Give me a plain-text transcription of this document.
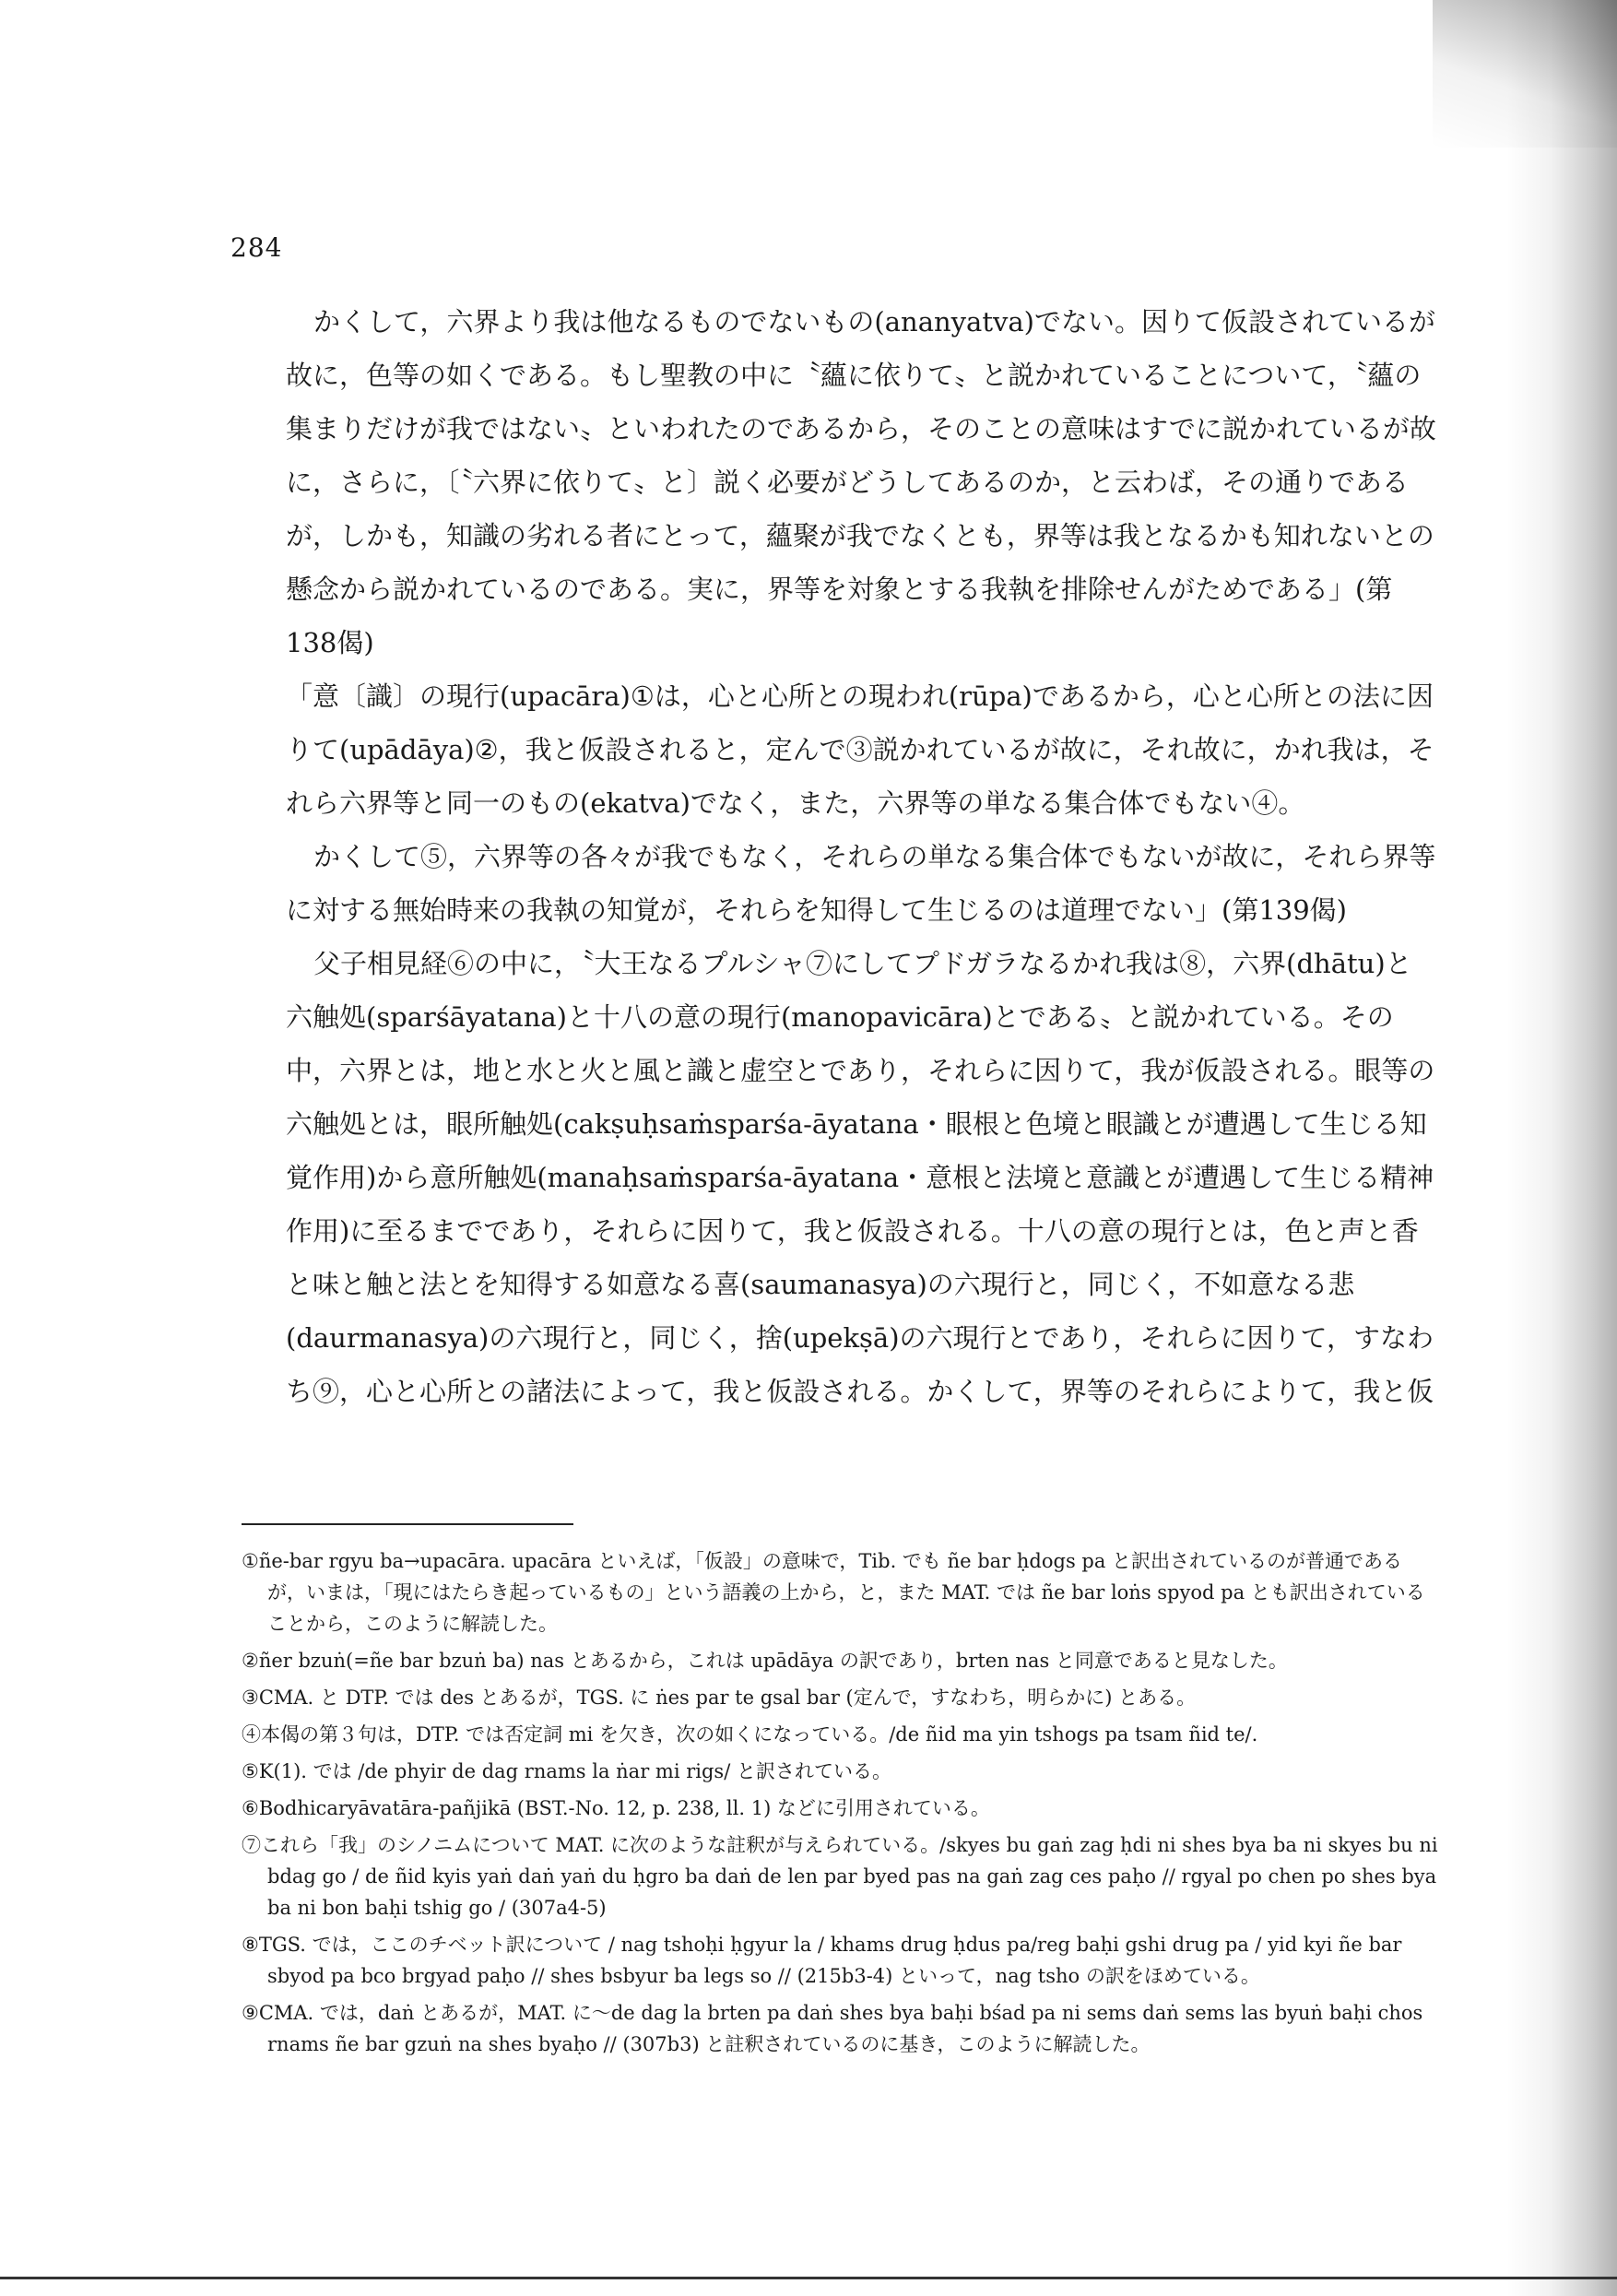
284

かくして，六界より我は他なるものでないもの(ananyatva)でない。因りて仮設されているが故に，色等の如くである。もし聖教の中に〝蘊に依りて〟と説かれていることについて，〝蘊の集まりだけが我ではない〟といわれたのであるから，そのことの意味はすでに説かれているが故に，さらに，〔〝六界に依りて〟と〕説く必要がどうしてあるのか，と云わば，その通りであるが，しかも，知識の劣れる者にとって，蘊聚が我でなくとも，界等は我となるかも知れないとの懸念から説かれているのである。実に，界等を対象とする我執を排除せんがためである」(第138偈)

「意〔識〕の現行(upacāra)①は，心と心所との現われ(rūpa)であるから，心と心所との法に因りて(upādāya)②，我と仮設されると，定んで③説かれているが故に，それ故に，かれ我は，それら六界等と同一のもの(ekatva)でなく，また，六界等の単なる集合体でもない④。

かくして⑤，六界等の各々が我でもなく，それらの単なる集合体でもないが故に，それら界等に対する無始時来の我執の知覚が，それらを知得して生じるのは道理でない」(第139偈)

父子相見経⑥の中に，〝大王なるプルシャ⑦にしてプドガラなるかれ我は⑧，六界(dhātu)と六触処(sparśāyatana)と十八の意の現行(manopavicāra)とである〟と説かれている。その中，六界とは，地と水と火と風と識と虚空とであり，それらに因りて，我が仮設される。眼等の六触処とは，眼所触処(cakṣuḥsaṁsparśa-āyatana・眼根と色境と眼識とが遭遇して生じる知覚作用)から意所触処(manaḥsaṁsparśa-āyatana・意根と法境と意識とが遭遇して生じる精神作用)に至るまでであり，それらに因りて，我と仮設される。十八の意の現行とは，色と声と香と味と触と法とを知得する如意なる喜(saumanasya)の六現行と，同じく，不如意なる悲(daurmanasya)の六現行と，同じく，捨(upekṣā)の六現行とであり，それらに因りて，すなわち⑨，心と心所との諸法によって，我と仮設される。かくして，界等のそれらによりて，我と仮

①ñe-bar rgyu ba→upacāra. upacāra といえば，「仮設」の意味で，Tib. でも ñe bar ḥdogs pa と訳出されているのが普通であるが，いまは，「現にはたらき起っているもの」という語義の上から，と，また MAT. では ñe bar loṅs spyod pa とも訳出されていることから，このように解読した。

②ñer bzuṅ(=ñe bar bzuṅ ba) nas とあるから，これは upādāya の訳であり，brten nas と同意であると見なした。

③CMA. と DTP. では des とあるが，TGS. に ṅes par te gsal bar (定んで，すなわち，明らかに) とある。

④本偈の第３句は，DTP. では否定詞 mi を欠き，次の如くになっている。/de ñid ma yin tshogs pa tsam ñid te/.

⑤K(1). では /de phyir de dag rnams la ṅar mi rigs/ と訳されている。

⑥Bodhicaryāvatāra-pañjikā (BST.-No. 12, p. 238, ll. 1) などに引用されている。

⑦これら「我」のシノニムについて MAT. に次のような註釈が与えられている。/skyes bu gaṅ zag ḥdi ni shes bya ba ni skyes bu ni bdag go / de ñid kyis yaṅ daṅ yaṅ du ḥgro ba daṅ de len par byed pas na gaṅ zag ces paḥo // rgyal po chen po shes bya ba ni bon baḥi tshig go / (307a4-5)

⑧TGS. では，ここのチベット訳について / nag tshoḥi ḥgyur la / khams drug ḥdus pa/reg baḥi gshi drug pa / yid kyi ñe bar sbyod pa bco brgyad paḥo // shes bsbyur ba legs so // (215b3-4) といって，nag tsho の訳をほめている。

⑨CMA. では，daṅ とあるが，MAT. に～de dag la brten pa daṅ shes bya baḥi bśad pa ni sems daṅ sems las byuṅ baḥi chos rnams ñe bar gzuṅ na shes byaḥo // (307b3) と註釈されているのに基き，このように解読した。
